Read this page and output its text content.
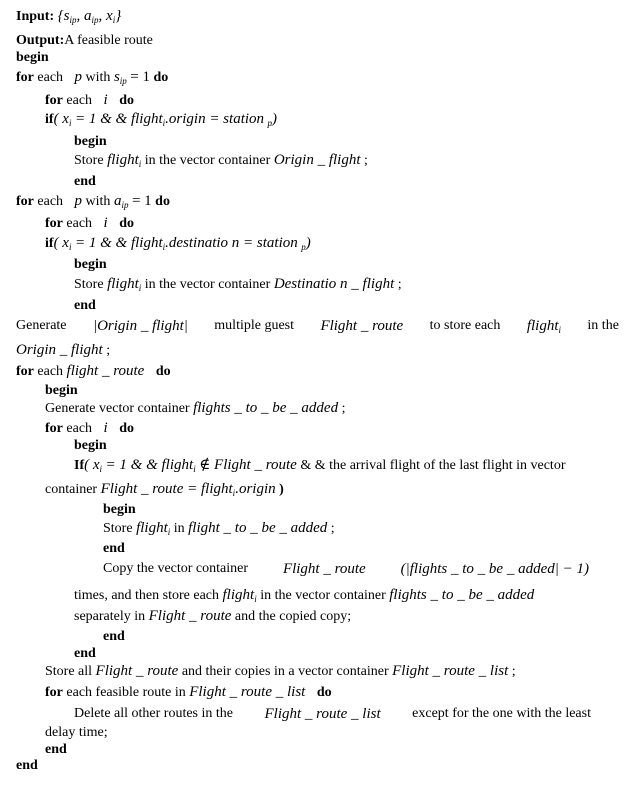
Input: {$s_{ip}$, $a_{ip}$, $x_i$}
Output:A feasible route
begin
for each p with $s_{ip} = 1$ do
for each i do
if( $x_i = 1$ & & flight$_i$.origin = station $_p$)
begin
Store flight$_i$ in the vector container Origin _ flight ;
end
for each p with $a_{ip} = 1$ do
for each i do
if( $x_i = 1$ & & flight$_i$.destinatio n = station $_p$)
begin
Store flight$_i$ in the vector container Destinatio n _ flight ;
end
Generate |Origin _ flight| multiple guest Flight _ route to store each flight$_i$ in the
Origin _ flight ;
for each flight _ route do
begin
Generate vector container flights _ to _ be _ added ;
for each i do
begin
If( $x_i = 1$ & & flight$_i$ ∉ Flight _ route & & the arrival flight of the last flight in vector
container Flight _ route = flight$_i$.origin )
begin
Store flight$_i$ in flight _ to _ be _ added ;
end
Copy the vector container Flight _ route (|flights _ to _ be _ added| − 1)
times, and then store each flight$_i$ in the vector container flights _ to _ be _ added
separately in Flight _ route and the copied copy;
end
end
Store all Flight _ route and their copies in a vector container Flight _ route _ list ;
for each feasible route in Flight _ route _ list do
Delete all other routes in the Flight _ route _ list except for the one with the least
delay time;
end
end
